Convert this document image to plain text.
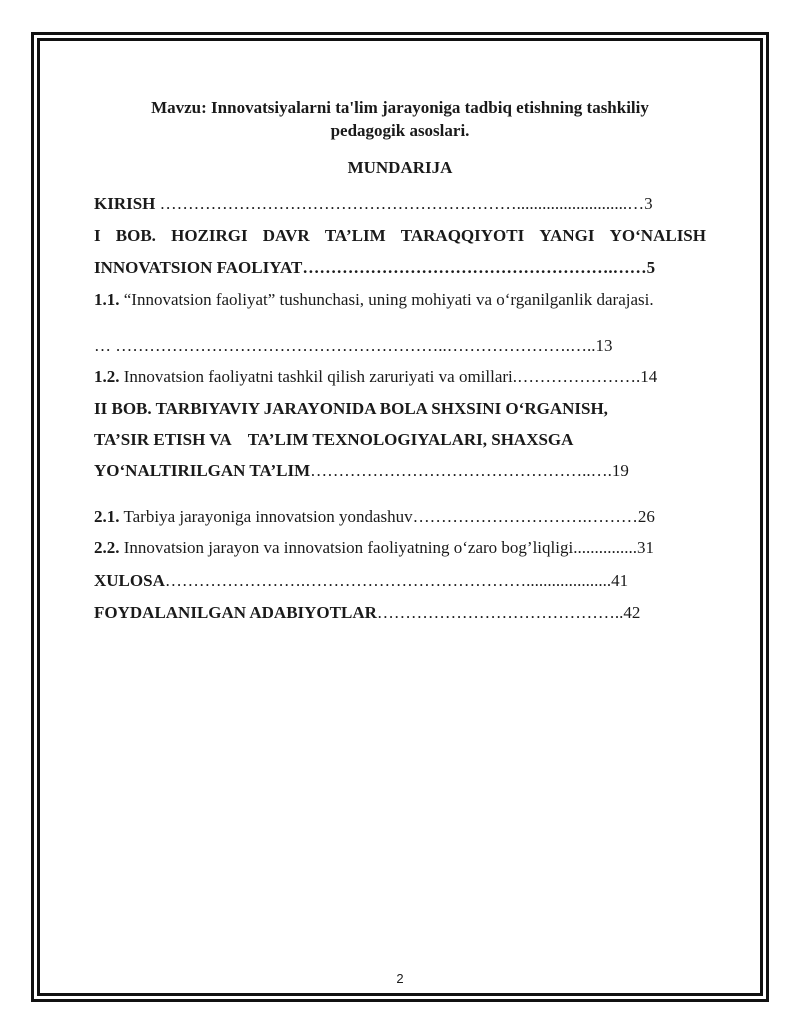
Mavzu: Innovatsiyalarni ta'lim jarayoniga tadbiq etishning tashkiliy
pedagogik asoslari.
MUNDARIJA
KIRISH ………………………………………………………..........................…3
I BOB. HOZIRGI DAVR TA’LIM TARAQQIYOTI YANGI YO‘NALISH
INNOVATSION FAOLIYAT……………………………………………….……5
1.1. “Innovatsion faoliyat” tushunchasi, uning mohiyati va o‘rganilganlik darajasi.
… …………………………………………………..………………….…..13
1.2. Innovatsion faoliyatni tashkil qilish zaruriyati va omillari.………………….14
II BOB. TARBIYAVIY JARAYONIDA BOLA SHXSINI O‘RGANISH,
TA’SIR ETISH VA    TA’LIM TEXNOLOGIYALARI, SHAXSGA
YO‘NALTIRILGAN TA’LIM…………………………………………..….19
2.1. Tarbiya jarayoniga innovatsion yondashuv………………………….………26
2.2. Innovatsion jarayon va innovatsion faoliyatning o‘zaro bog’liqligi...............31
XULOSA…………………….…………………………………....................41
FOYDALANILGAN ADABIYOTLAR……………………………………..42
2
